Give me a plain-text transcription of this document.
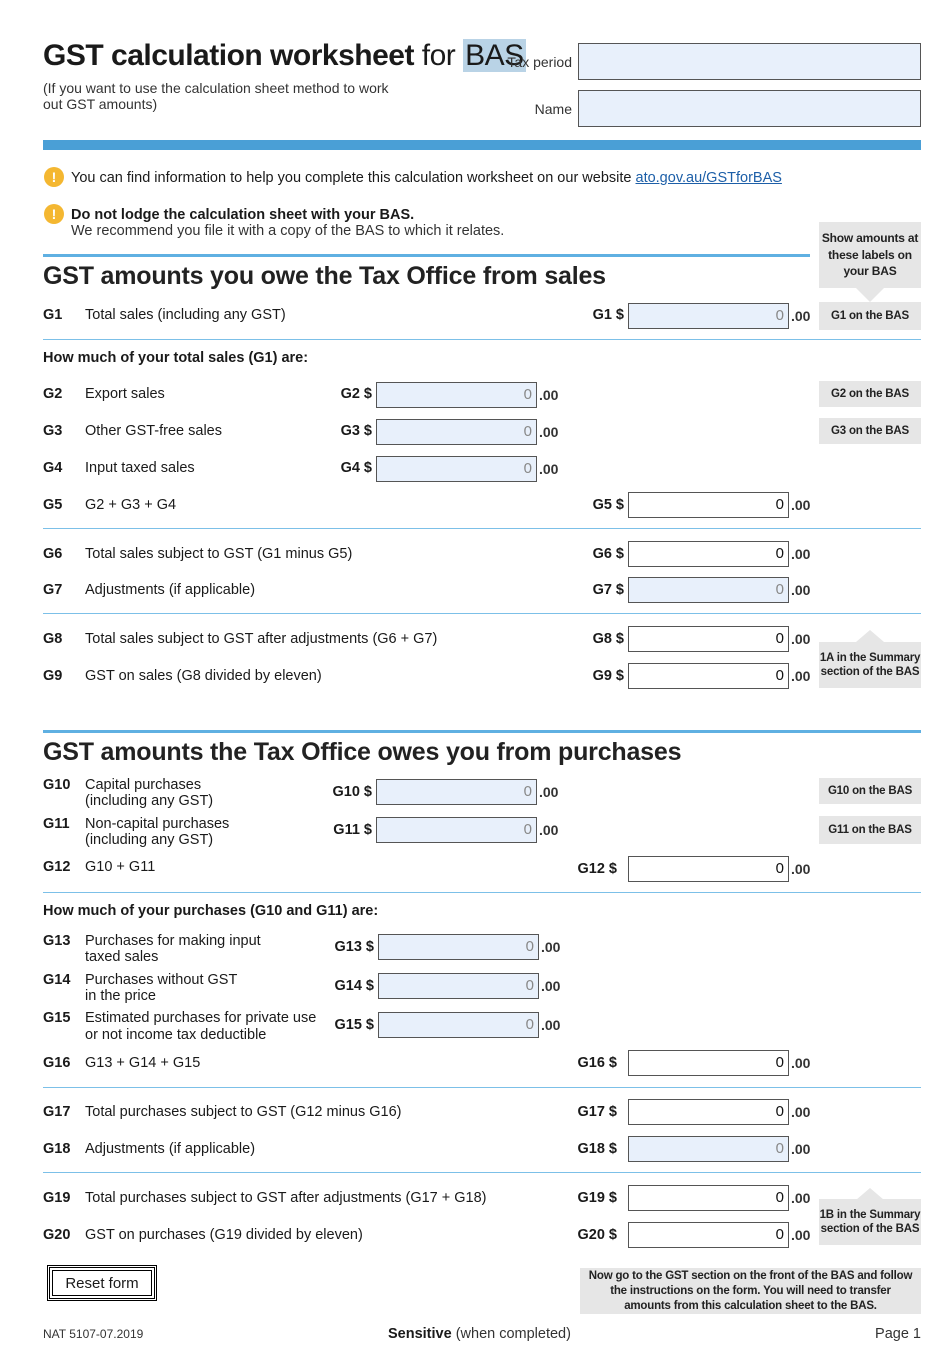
GST calculation worksheet for BAS
(If you want to use the calculation sheet method to work out GST amounts)
Tax period
Name
!	You can find information to help you complete this calculation worksheet on our website ato.gov.au/GSTforBAS
!	Do not lodge the calculation sheet with your BAS.
We recommend you file it with a copy of the BAS to which it relates.	Show amounts at these labels on your BAS
GST amounts you owe the Tax Office from sales
G1 Total sales (including any GST)	G1 $	0 .00	G1 on the BAS
How much of your total sales (G1) are:
G2 Export sales	G2 $	0 .00	G2 on the BAS
G3 Other GST-free sales	G3 $	0 .00	G3 on the BAS
G4 Input taxed sales	G4 $	0 .00
G5 G2 + G3 + G4	G5 $	0 .00
G6 Total sales subject to GST (G1 minus G5)	G6 $	0 .00
G7 Adjustments (if applicable)	G7 $	0 .00
G8 Total sales subject to GST after adjustments (G6 + G7)	G8 $	0 .00
G9 GST on sales (G8 divided by eleven)	G9 $	0 .00
1A in the Summary section of the BAS
GST amounts the Tax Office owes you from purchases
G10 Capital purchases
(including any GST)
G10 $	0 .00	G10 on the BAS
G11 Non-capital purchases
(including any GST)
G11 $	0 .00	G11 on the BAS
G12 G10 + G11	G12 $	0 .00
How much of your purchases (G10 and G11) are:
G13 Purchases for making input
taxed sales
G13 $	0 .00
G14 Purchases without GST
in the price
G14 $	0 .00
G15 Estimated purchases for private use
or not income tax deductible
G15 $	0 .00
G16 G13 + G14 + G15	G16 $	0 .00
G17 Total purchases subject to GST (G12 minus G16)	G17 $	0 .00
G18 Adjustments (if applicable)	G18 $	0 .00
G19 Total purchases subject to GST after adjustments (G17 + G18)	G19 $	0 .00
G20 GST on purchases (G19 divided by eleven)	G20 $	0 .00
1B in the Summary section of the BAS
Now go to the GST section on the front of the BAS and follow the instructions on the form. You will need to transfer amounts from this calculation sheet to the BAS.
Reset form
NAT 5107-07.2019	Sensitive (when completed)	Page 1
